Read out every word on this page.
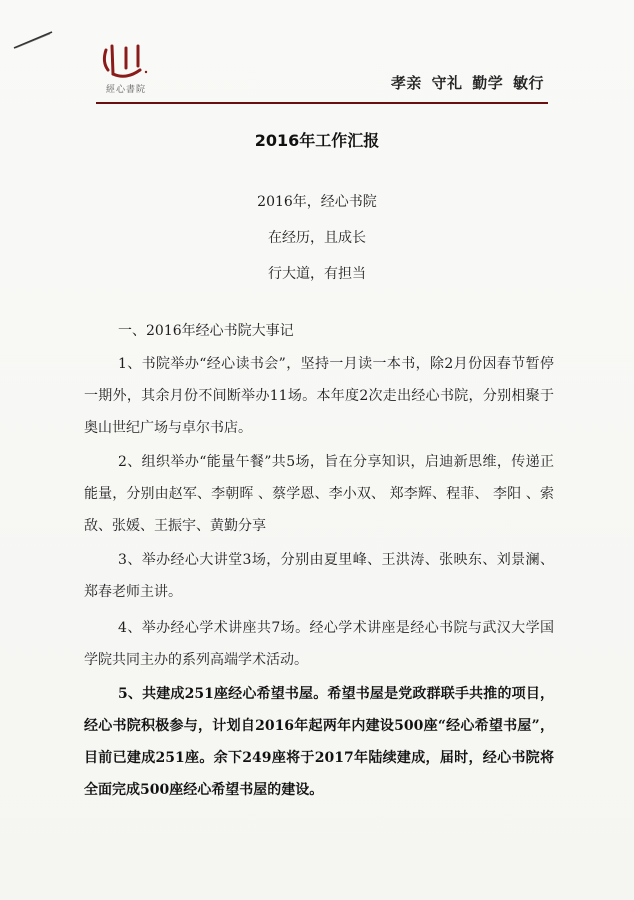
經心書院	孝亲 守礼 勤学 敏行
2016年工作汇报
2016年，经心书院
在经历，且成长
行大道，有担当
一、2016年经心书院大事记

1、书院举办“经心读书会”，坚持一月读一本书，除2月份因春节暂停一期外，其余月份不间断举办11场。本年度2次走出经心书院，分别相聚于奥山世纪广场与卓尔书店。

2、组织举办“能量午餐”共5场，旨在分享知识，启迪新思维，传递正能量，分别由赵军、李朝晖 、蔡学恩、李小双、 郑李辉、程菲、 李阳 、索敌、张媛、王振宇、黄勤分享

3、举办经心大讲堂3场，分别由夏里峰、王洪涛、张映东、刘景澜、郑春老师主讲。

4、举办经心学术讲座共7场。经心学术讲座是经心书院与武汉大学国学院共同主办的系列高端学术活动。

5、共建成251座经心希望书屋。希望书屋是党政群联手共推的项目，经心书院积极参与，计划自2016年起两年内建设500座“经心希望书屋”，目前已建成251座。余下249座将于2017年陆续建成，届时，经心书院将全面完成500座经心希望书屋的建设。
